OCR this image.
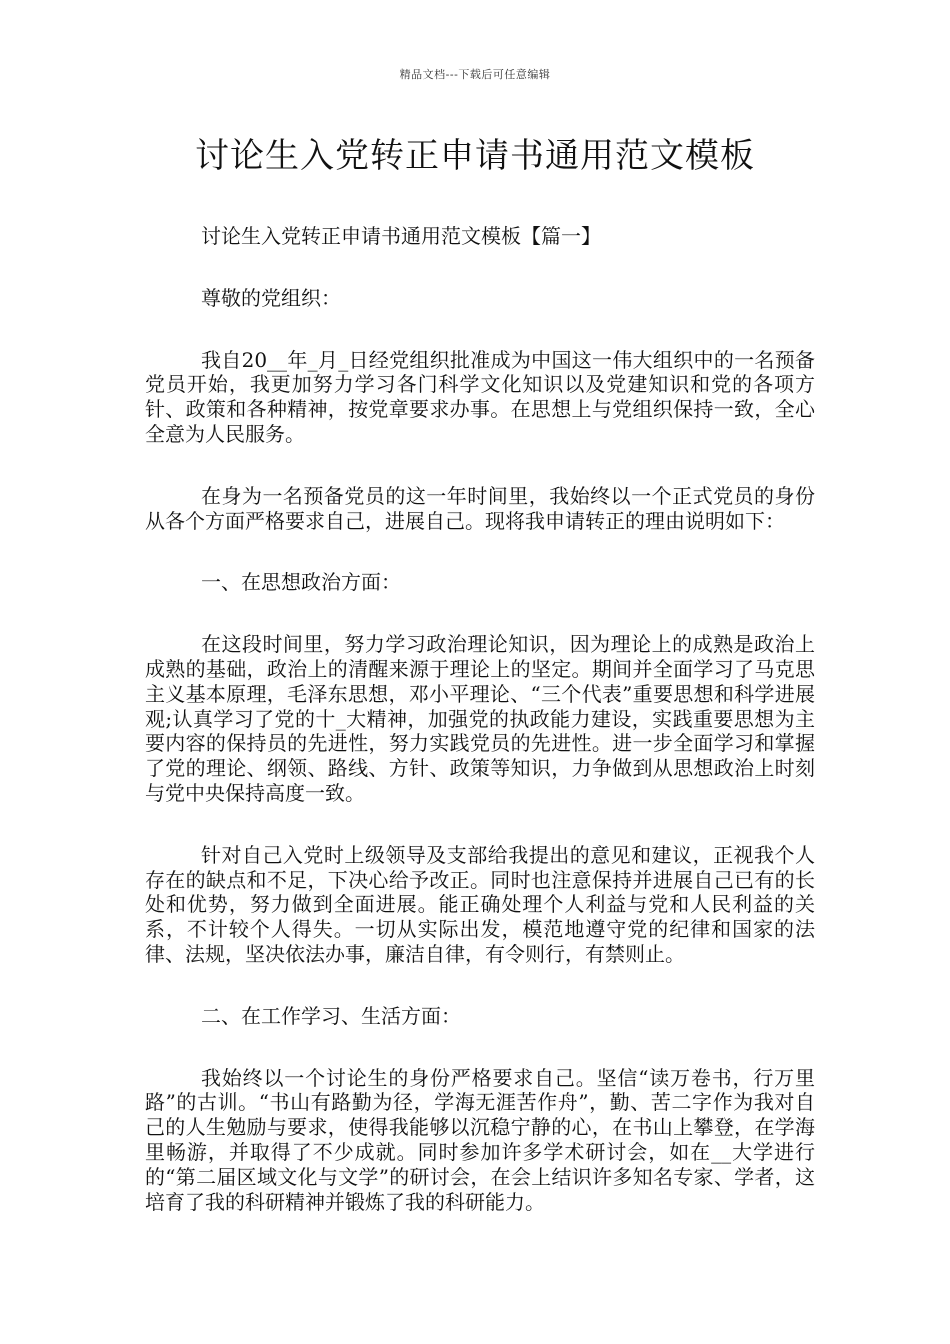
精品文档---下载后可任意编辑
讨论生入党转正申请书通用范文模板

讨论生入党转正申请书通用范文模板【篇一】

尊敬的党组织：

我自20__年_月_日经党组织批准成为中国这一伟大组织中的一名预备党员开始，我更加努力学习各门科学文化知识以及党建知识和党的各项方针、政策和各种精神，按党章要求办事。在思想上与党组织保持一致，全心全意为人民服务。

在身为一名预备党员的这一年时间里，我始终以一个正式党员的身份从各个方面严格要求自己，进展自己。现将我申请转正的理由说明如下：

一、在思想政治方面：

在这段时间里，努力学习政治理论知识，因为理论上的成熟是政治上成熟的基础，政治上的清醒来源于理论上的坚定。期间并全面学习了马克思主义基本原理，毛泽东思想，邓小平理论、“三个代表”重要思想和科学进展观;认真学习了党的十_大精神，加强党的执政能力建设，实践重要思想为主要内容的保持员的先进性，努力实践党员的先进性。进一步全面学习和掌握了党的理论、纲领、路线、方针、政策等知识，力争做到从思想政治上时刻与党中央保持高度一致。

针对自己入党时上级领导及支部给我提出的意见和建议，正视我个人存在的缺点和不足，下决心给予改正。同时也注意保持并进展自己已有的长处和优势，努力做到全面进展。能正确处理个人利益与党和人民利益的关系，不计较个人得失。一切从实际出发，模范地遵守党的纪律和国家的法律、法规，坚决依法办事，廉洁自律，有令则行，有禁则止。

二、在工作学习、生活方面：

我始终以一个讨论生的身份严格要求自己。坚信“读万卷书，行万里路”的古训。“书山有路勤为径，学海无涯苦作舟”，勤、苦二字作为我对自己的人生勉励与要求，使得我能够以沉稳宁静的心，在书山上攀登，在学海里畅游，并取得了不少成就。同时参加许多学术研讨会，如在__大学进行的“第二届区域文化与文学”的研讨会，在会上结识许多知名专家、学者，这培育了我的科研精神并锻炼了我的科研能力。
